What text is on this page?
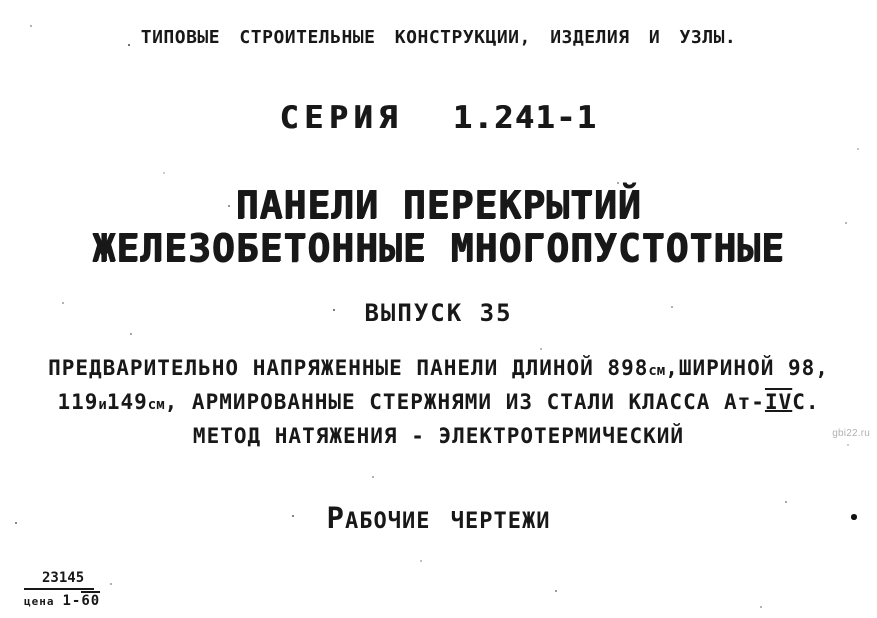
ТИПОВЫЕ СТРОИТЕЛЬНЫЕ КОНСТРУКЦИИ, ИЗДЕЛИЯ И УЗЛЫ.
СЕРИЯ 1.241-1
ПАНЕЛИ ПЕРЕКРЫТИЙ
ЖЕЛЕЗОБЕТОННЫЕ МНОГОПУСТОТНЫЕ
ВЫПУСК 35
ПРЕДВАРИТЕЛЬНО НАПРЯЖЕННЫЕ ПАНЕЛИ ДЛИНОЙ 898см,ШИРИНОЙ 98,
119и149см, АРМИРОВАННЫЕ СТЕРЖНЯМИ ИЗ СТАЛИ КЛАССА Ат-IVС.
МЕТОД НАТЯЖЕНИЯ - ЭЛЕКТРОТЕРМИЧЕСКИЙ
РАБОЧИЕ ЧЕРТЕЖИ
23145
цена 1-60
gbi22.ru
